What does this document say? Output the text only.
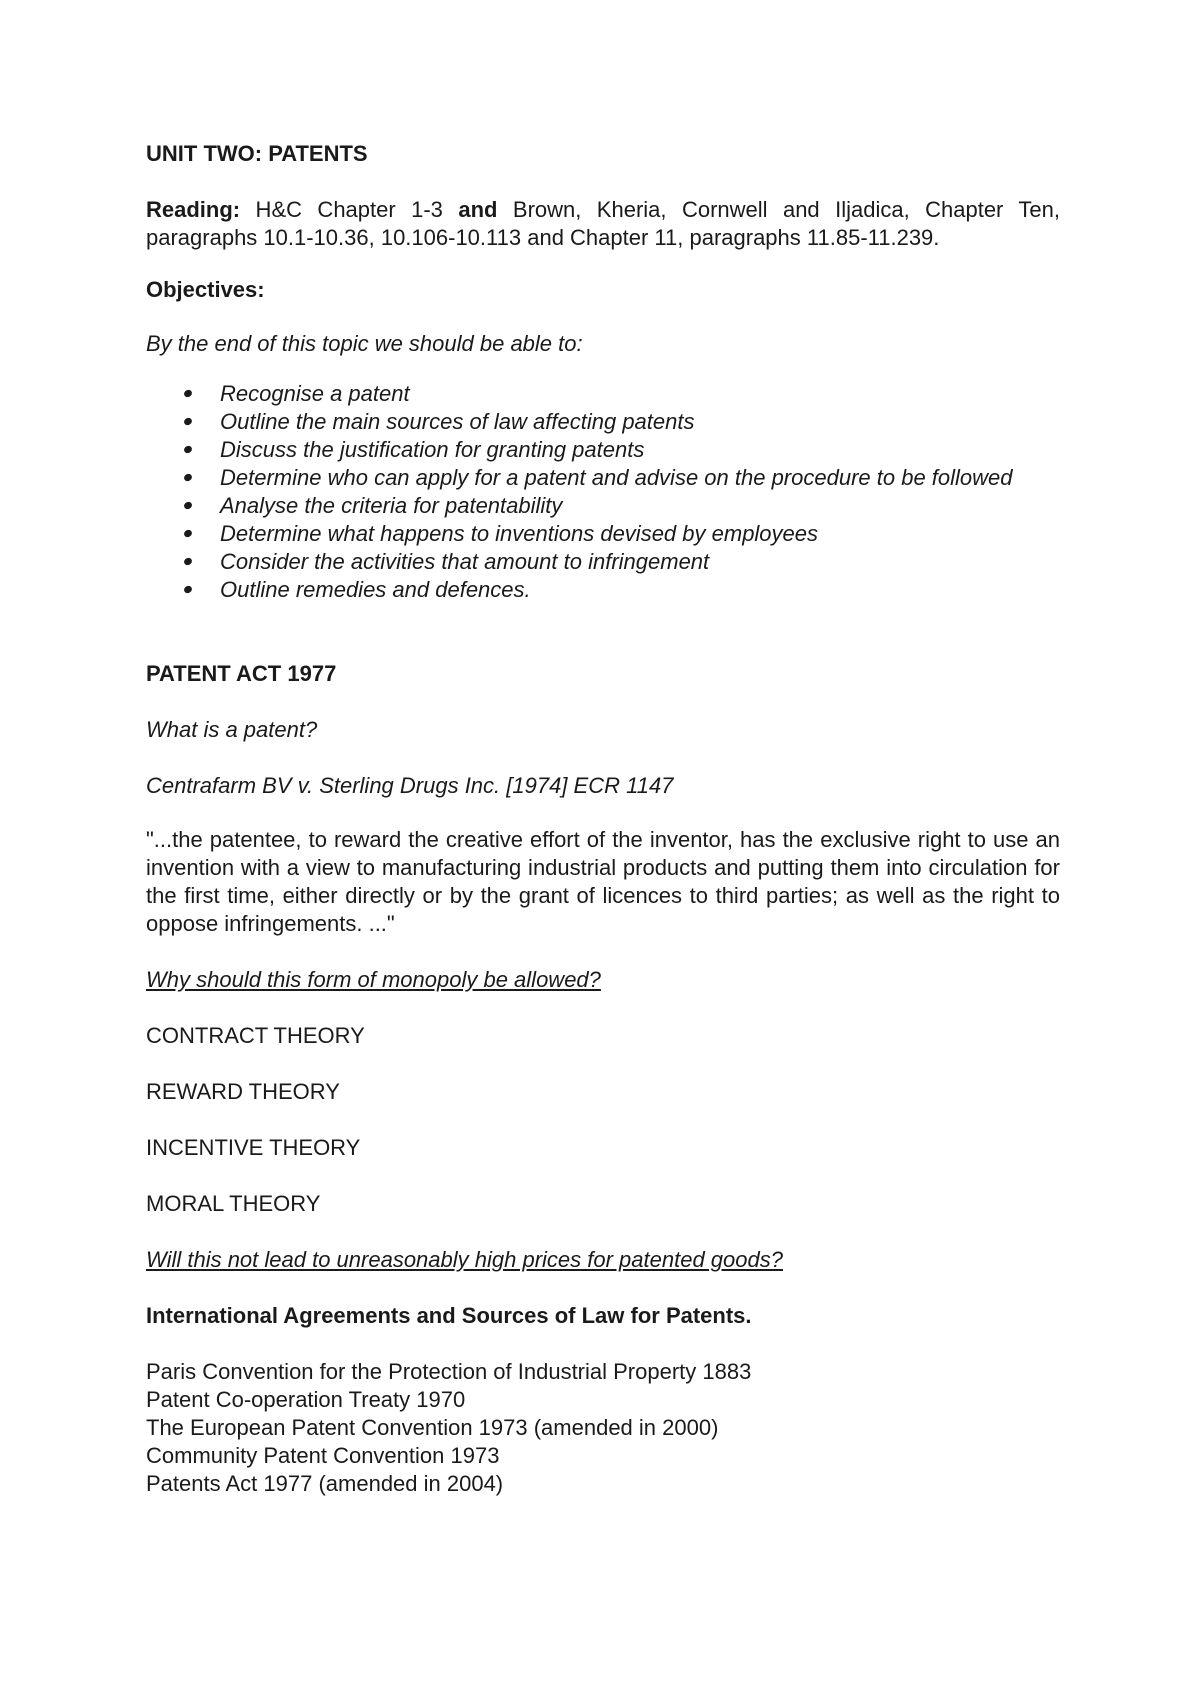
UNIT TWO: PATENTS

Reading: H&C Chapter 1-3 and Brown, Kheria, Cornwell and Iljadica, Chapter Ten, paragraphs 10.1-10.36, 10.106-10.113 and Chapter 11, paragraphs 11.85-11.239.

Objectives:

By the end of this topic we should be able to:

Recognise a patent
Outline the main sources of law affecting patents
Discuss the justification for granting patents
Determine who can apply for a patent and advise on the procedure to be followed
Analyse the criteria for patentability
Determine what happens to inventions devised by employees
Consider the activities that amount to infringement
Outline remedies and defences.

PATENT ACT 1977

What is a patent?

Centrafarm BV v. Sterling Drugs Inc. [1974] ECR 1147

"...the patentee, to reward the creative effort of the inventor, has the exclusive right to use an invention with a view to manufacturing industrial products and putting them into circulation for the first time, either directly or by the grant of licences to third parties; as well as the right to oppose infringements. ..."

Why should this form of monopoly be allowed?

CONTRACT THEORY

REWARD THEORY

INCENTIVE THEORY

MORAL THEORY

Will this not lead to unreasonably high prices for patented goods?

International Agreements and Sources of Law for Patents.

Paris Convention for the Protection of Industrial Property 1883

Patent Co-operation Treaty 1970

The European Patent Convention 1973 (amended in 2000)

Community Patent Convention 1973

Patents Act 1977 (amended in 2004)
